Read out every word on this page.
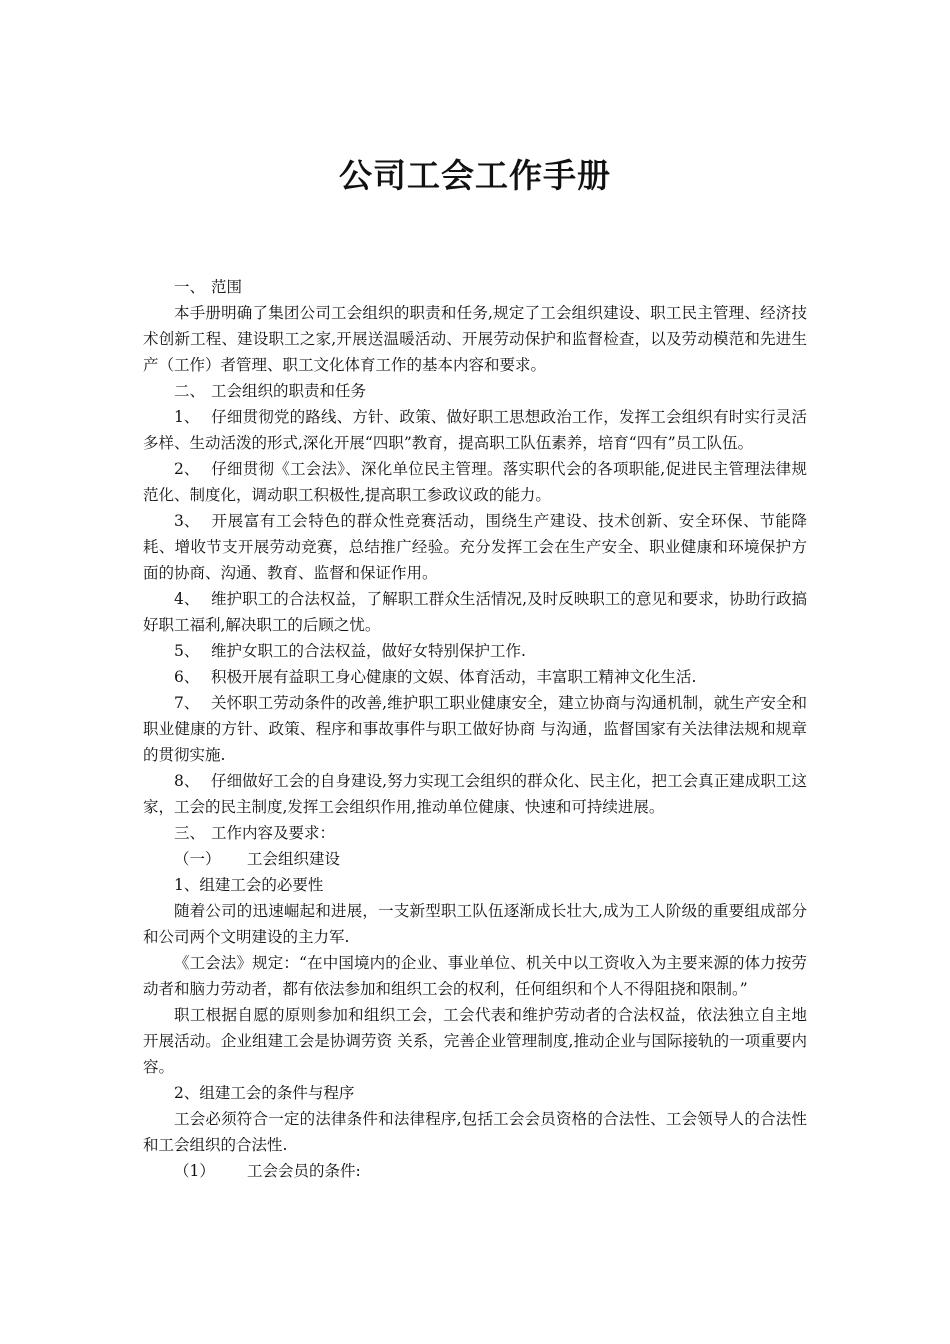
公司工会工作手册

一、 范围

本手册明确了集团公司工会组织的职责和任务,规定了工会组织建设、职工民主管理、经济技术创新工程、建设职工之家,开展送温暖活动、开展劳动保护和监督检查，以及劳动模范和先进生产（工作）者管理、职工文化体育工作的基本内容和要求。

二、 工会组织的职责和任务

1、 仔细贯彻党的路线、方针、政策、做好职工思想政治工作，发挥工会组织有时实行灵活多样、生动活泼的形式,深化开展“四职”教育，提高职工队伍素养，培育“四有”员工队伍。

2、 仔细贯彻《工会法》、深化单位民主管理。落实职代会的各项职能,促进民主管理法律规范化、制度化，调动职工积极性,提高职工参政议政的能力。

3、 开展富有工会特色的群众性竞赛活动，围绕生产建设、技术创新、安全环保、节能降耗、增收节支开展劳动竞赛，总结推广经验。充分发挥工会在生产安全、职业健康和环境保护方面的协商、沟通、教育、监督和保证作用。

4、 维护职工的合法权益，了解职工群众生活情况,及时反映职工的意见和要求，协助行政搞好职工福利,解决职工的后顾之忧。

5、 维护女职工的合法权益，做好女特别保护工作.

6、 积极开展有益职工身心健康的文娱、体育活动，丰富职工精神文化生活.

7、 关怀职工劳动条件的改善,维护职工职业健康安全，建立协商与沟通机制，就生产安全和职业健康的方针、政策、程序和事故事件与职工做好协商 与沟通，监督国家有关法律法规和规章的贯彻实施.

8、 仔细做好工会的自身建设,努力实现工会组织的群众化、民主化，把工会真正建成职工这家，工会的民主制度,发挥工会组织作用,推动单位健康、快速和可持续进展。

三、 工作内容及要求：

（一） 工会组织建设

1、组建工会的必要性

随着公司的迅速崛起和进展，一支新型职工队伍逐渐成长壮大,成为工人阶级的重要组成部分和公司两个文明建设的主力军.

《工会法》规定：“在中国境内的企业、事业单位、机关中以工资收入为主要来源的体力按劳动者和脑力劳动者，都有依法参加和组织工会的权利，任何组织和个人不得阻挠和限制。”

职工根据自愿的原则参加和组织工会，工会代表和维护劳动者的合法权益，依法独立自主地开展活动。企业组建工会是协调劳资 关系，完善企业管理制度,推动企业与国际接轨的一项重要内容。

2、组建工会的条件与程序

工会必须符合一定的法律条件和法律程序,包括工会会员资格的合法性、工会领导人的合法性和工会组织的合法性.

（1） 工会会员的条件:
